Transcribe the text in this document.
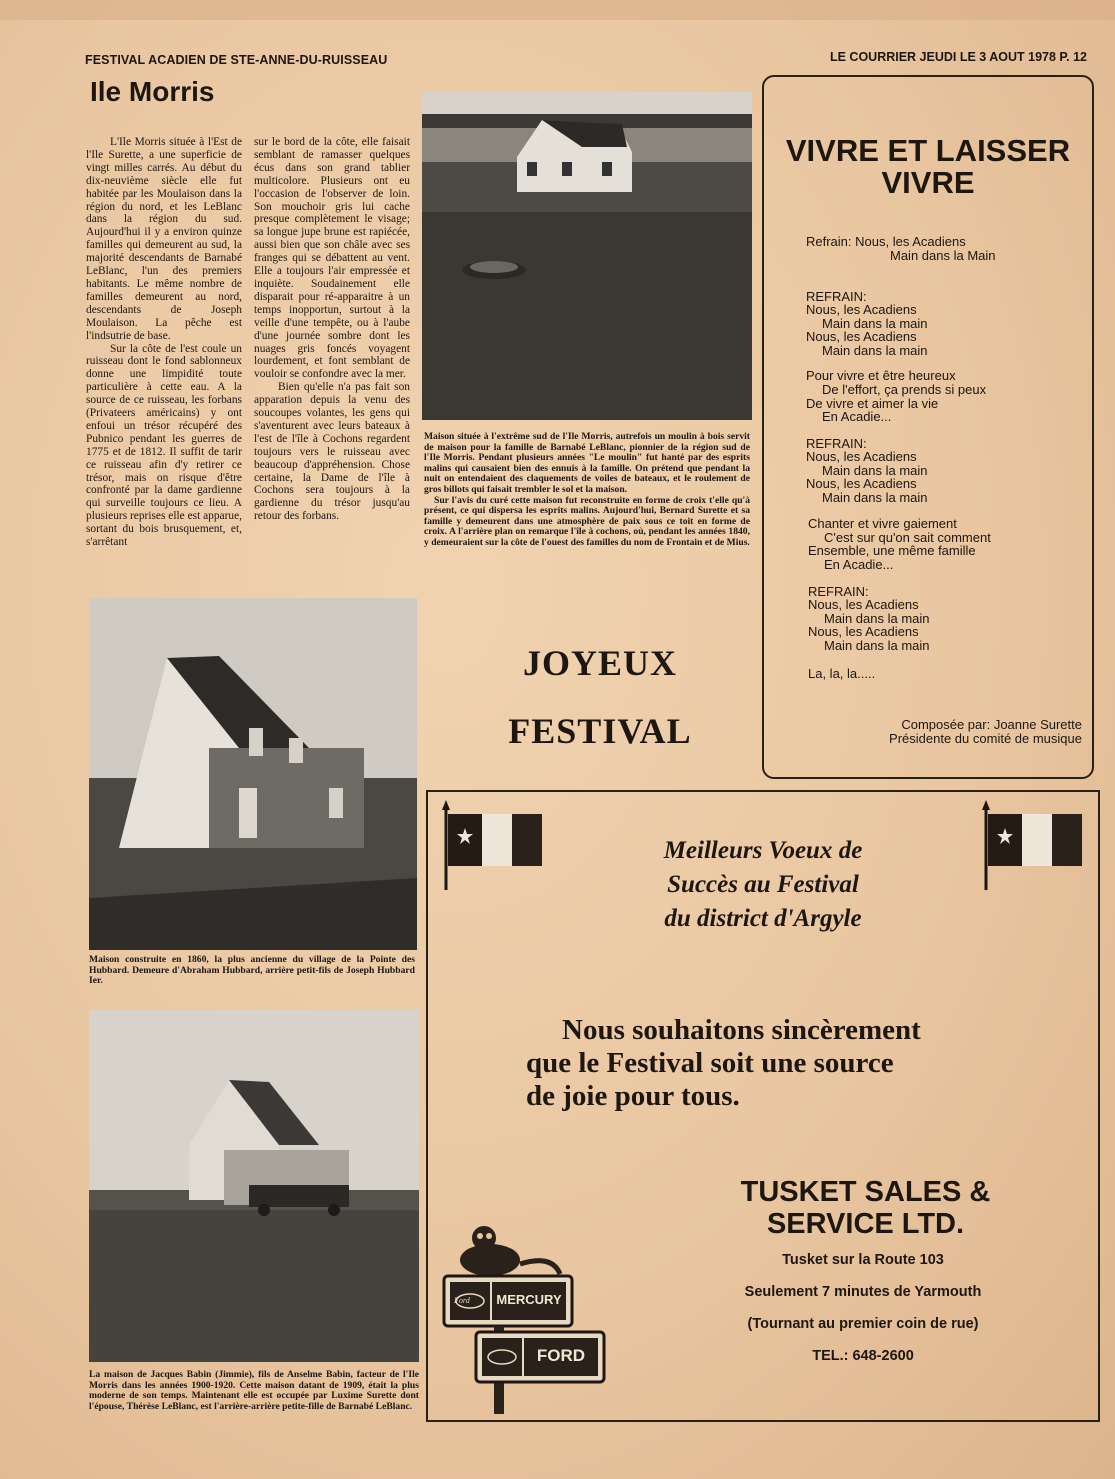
FESTIVAL ACADIEN DE STE-ANNE-DU-RUISSEAU	LE COURRIER JEUDI LE 3 AOUT 1978 P. 12
Ile Morris

L'Ile Morris située à l'Est de l'Ile Surette, a une superficie de vingt milles carrés. Au début du dix-neuvième siècle elle fut habitée par les Moulaison dans la région du nord, et les LeBlanc dans la région du sud. Aujourd'hui il y a environ quinze familles qui demeurent au sud, la majorité descendants de Barnabé LeBlanc, l'un des premiers habitants. Le même nombre de familles demeurent au nord, descendants de Joseph Moulaison. La pêche est l'indsutrie de base.

Sur la côte de l'est coule un ruisseau dont le fond sablonneux donne une limpidité toute particulière à cette eau. A la source de ce ruisseau, les forbans (Privateers américains) y ont enfoui un trésor récupéré des Pubnico pendant les guerres de 1775 et de 1812. Il suffit de tarir ce ruisseau afin d'y retirer ce trésor, mais on risque d'être confronté par la dame gardienne qui surveille toujours ce lieu. A plusieurs reprises elle est apparue, sortant du bois brusquement, et, s'arrêtant

sur le bord de la côte, elle faisait semblant de ramasser quelques écus dans son grand tablier multicolore. Plusieurs ont eu l'occasion de l'observer de loin. Son mouchoir gris lui cache presque complètement le visage; sa longue jupe brune est rapiécée, aussi bien que son châle avec ses franges qui se débattent au vent. Elle a toujours l'air empressée et inquiète. Soudainement elle disparait pour ré-apparaitre à un temps inopportun, surtout à la veille d'une tempête, ou à l'aube d'une journée sombre dont les nuages gris foncés voyagent lourdement, et font semblant de vouloir se confondre avec la mer.

Bien qu'elle n'a pas fait son apparation depuis la venu des soucoupes volantes, les gens qui s'aventurent avec leurs bateaux à l'est de l'île à Cochons regardent toujours vers le ruisseau avec beaucoup d'appréhension. Chose certaine, la Dame de l'île à Cochons sera toujours à la gardienne du trésor jusqu'au retour des forbans.

Maison située à l'extrême sud de l'Ile Morris, autrefois un moulin à bois servit de maison pour la famille de Barnabé LeBlanc, pionnier de la région sud de l'Ile Morris. Pendant plusieurs années "Le moulin" fut hanté par des esprits malins qui causaient bien des ennuis à la famille. On prétend que pendant la nuit on entendaient des claquements de voiles de bateaux, et le roulement de gros billots qui faisait trembler le sol et la maison.

Sur l'avis du curé cette maison fut reconstruite en forme de croix t'elle qu'à présent, ce qui dispersa les esprits malins. Aujourd'hui, Bernard Surette et sa famille y demeurent dans une atmosphère de paix sous ce toit en forme de croix. A l'arrière plan on remarque l'île à cochons, où, pendant les années 1840, y demeuraient sur la côte de l'ouest des familles du nom de Frontain et de Mius.

Maison construite en 1860, la plus ancienne du village de la Pointe des Hubbard. Demeure d'Abraham Hubbard, arrière petit-fils de Joseph Hubbard Ier.
La maison de Jacques Babin (Jimmie), fils de Anselme Babin, facteur de l'Ile Morris dans les années 1900-1920. Cette maison datant de 1909, était la plus moderne de son temps. Maintenant elle est occupée par Luxime Surette dont l'épouse, Thérèse LeBlanc, est l'arrière-arrière petite-fille de Barnabé LeBlanc.
JOYEUX
FESTIVAL
VIVRE ET LAISSER
VIVRE
Refrain: Nous, les Acadiens
Main dans la Main
REFRAIN:
Nous, les Acadiens
Main dans la main
Nous, les Acadiens
Main dans la main
Pour vivre et être heureux
De l'effort, ça prends si peux
De vivre et aimer la vie
En Acadie...
REFRAIN:
Nous, les Acadiens
Main dans la main
Nous, les Acadiens
Main dans la main
Chanter et vivre gaiement
C'est sur qu'on sait comment
Ensemble, une même famille
En Acadie...
REFRAIN:
Nous, les Acadiens
Main dans la main
Nous, les Acadiens
Main dans la main
La, la, la.....
Composée par: Joanne Surette
Présidente du comité de musique
Meilleurs Voeux de
Succès au Festival
du district d'Argyle
Nous souhaitons sincèrement
que le Festival soit une source
de joie pour tous.
TUSKET SALES &
SERVICE LTD.
Tusket sur la Route 103
Seulement 7 minutes de Yarmouth
(Tournant au premier coin de rue)
TEL.: 648-2600
Ford MERCURY
FORD
